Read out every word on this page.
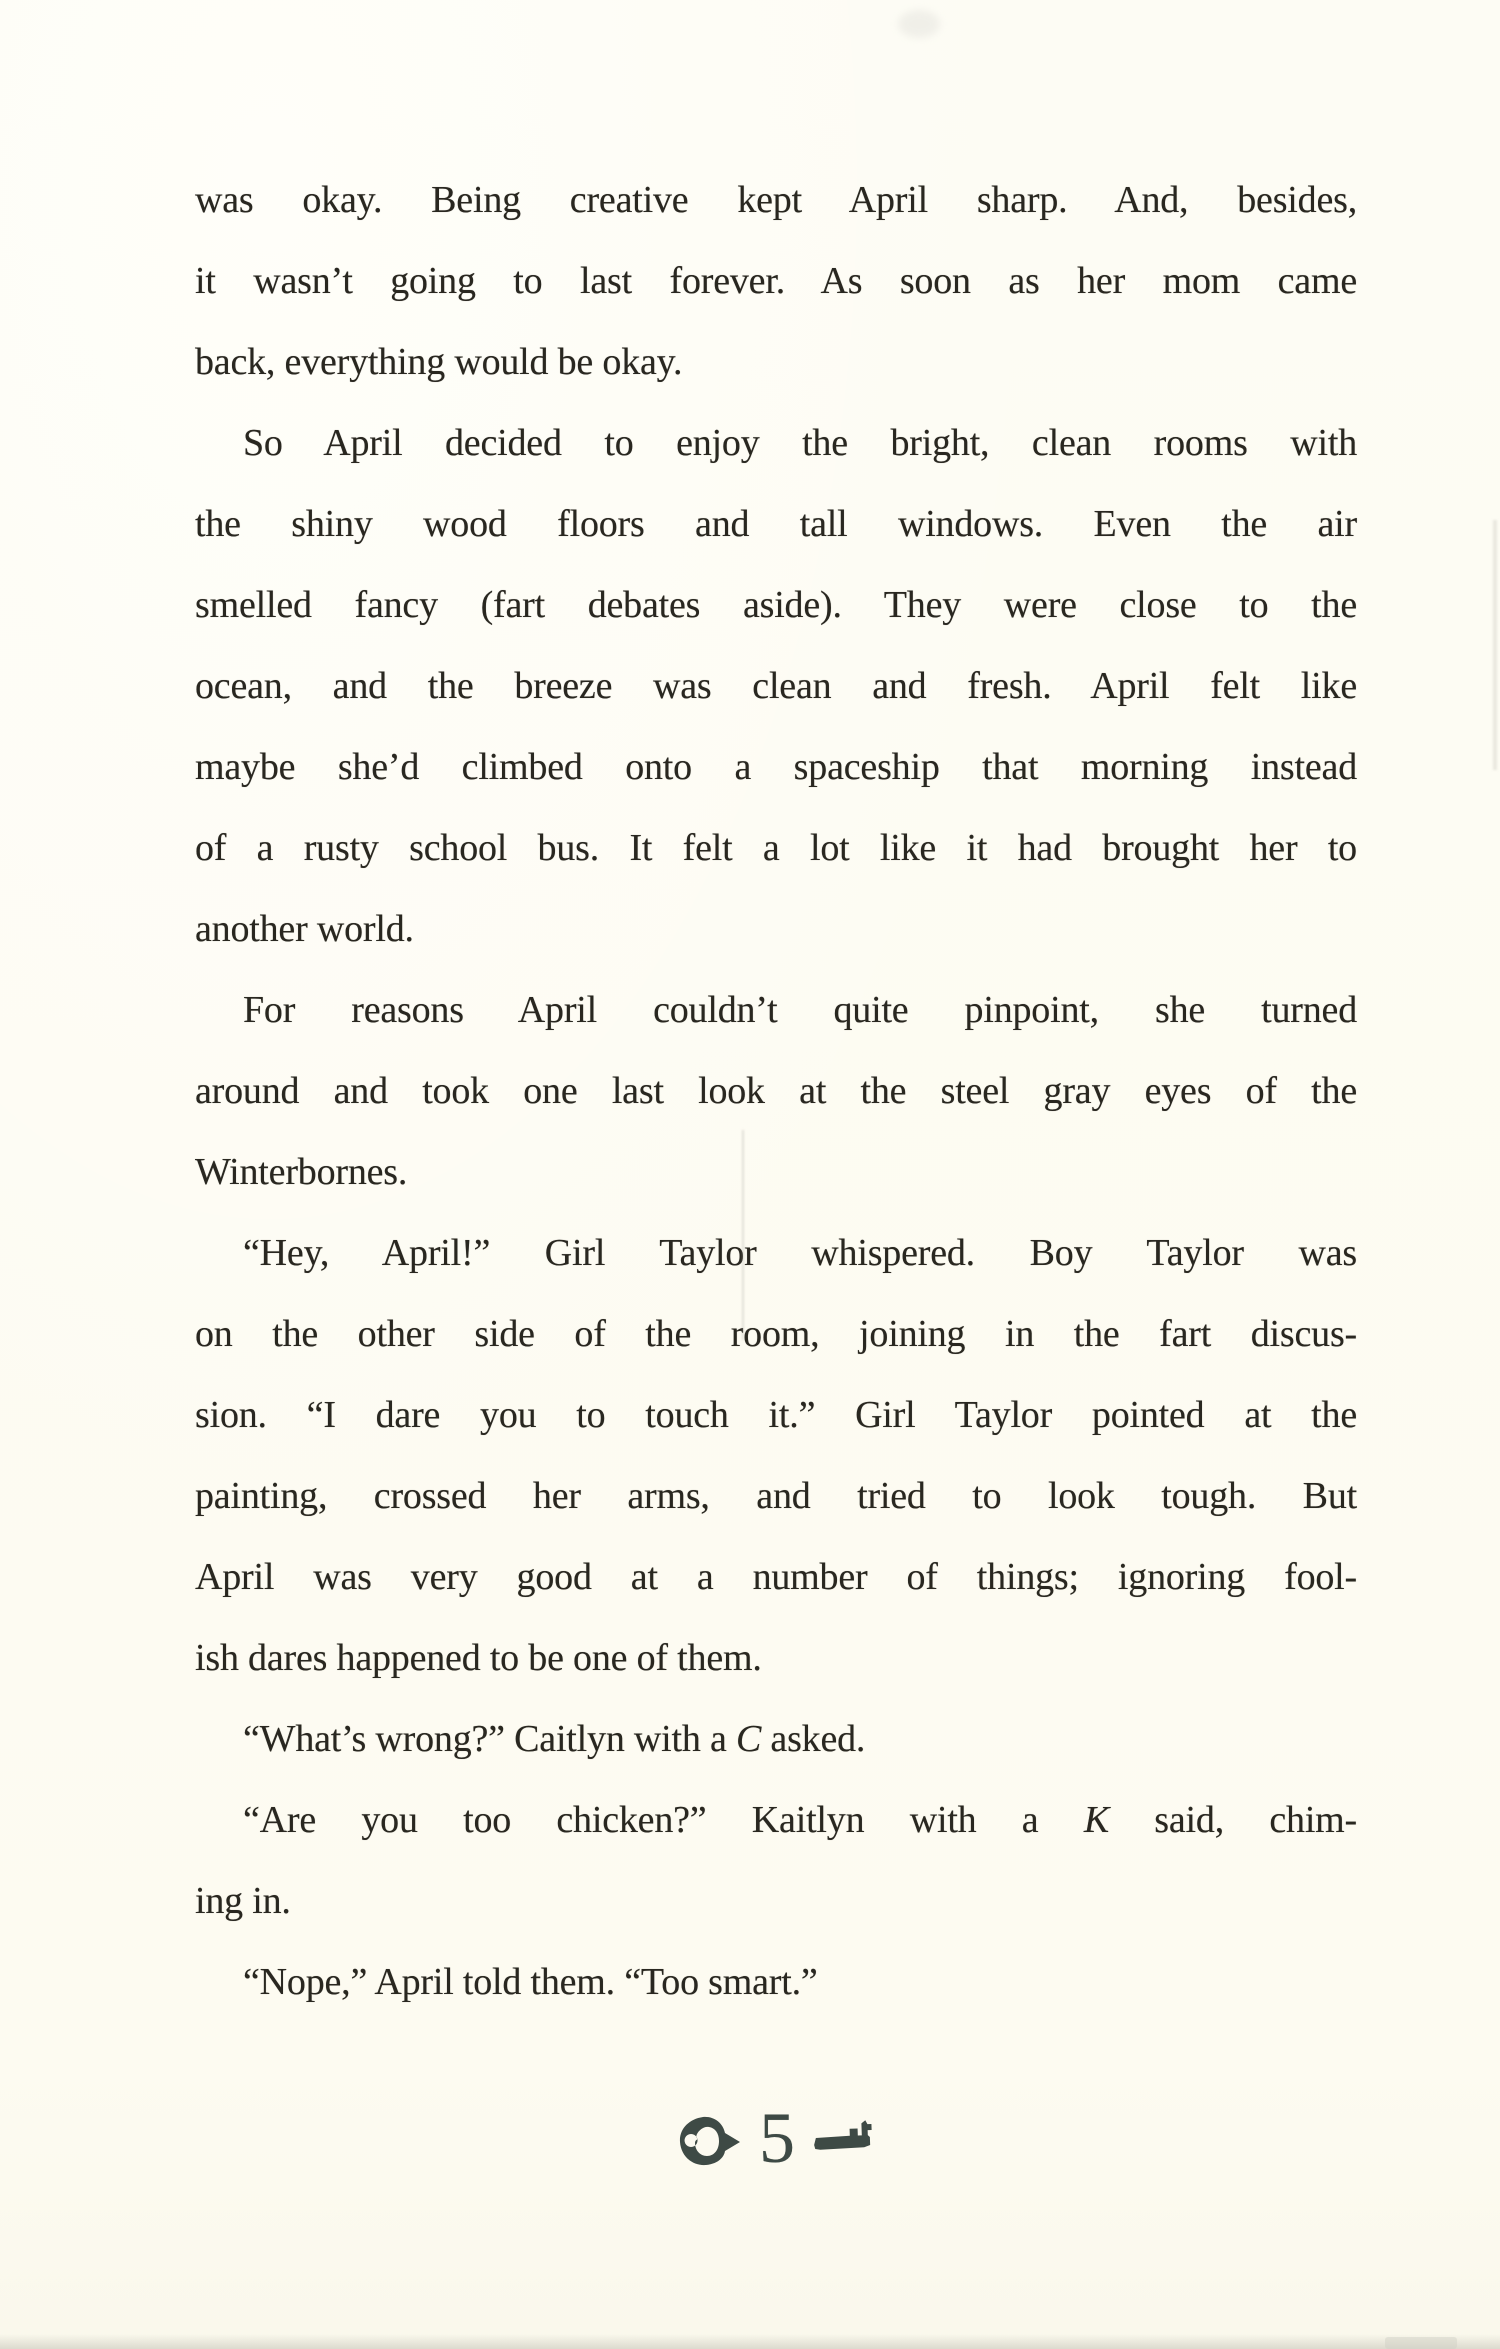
was okay. Being creative kept April sharp. And, besides,
it wasn’t going to last forever. As soon as her mom came
back, everything would be okay.
So April decided to enjoy the bright, clean rooms with
the shiny wood floors and tall windows. Even the air
smelled fancy (fart debates aside). They were close to the
ocean, and the breeze was clean and fresh. April felt like
maybe she’d climbed onto a spaceship that morning instead
of a rusty school bus. It felt a lot like it had brought her to
another world.
For reasons April couldn’t quite pinpoint, she turned
around and took one last look at the steel gray eyes of the
Winterbornes.
“Hey, April!” Girl Taylor whispered. Boy Taylor was
on the other side of the room, joining in the fart discus-
sion. “I dare you to touch it.” Girl Taylor pointed at the
painting, crossed her arms, and tried to look tough. But
April was very good at a number of things; ignoring fool-
ish dares happened to be one of them.
“What’s wrong?” Caitlyn with a C asked.
“Are you too chicken?” Kaitlyn with a K said, chim-
ing in.
“Nope,” April told them. “Too smart.”
5
